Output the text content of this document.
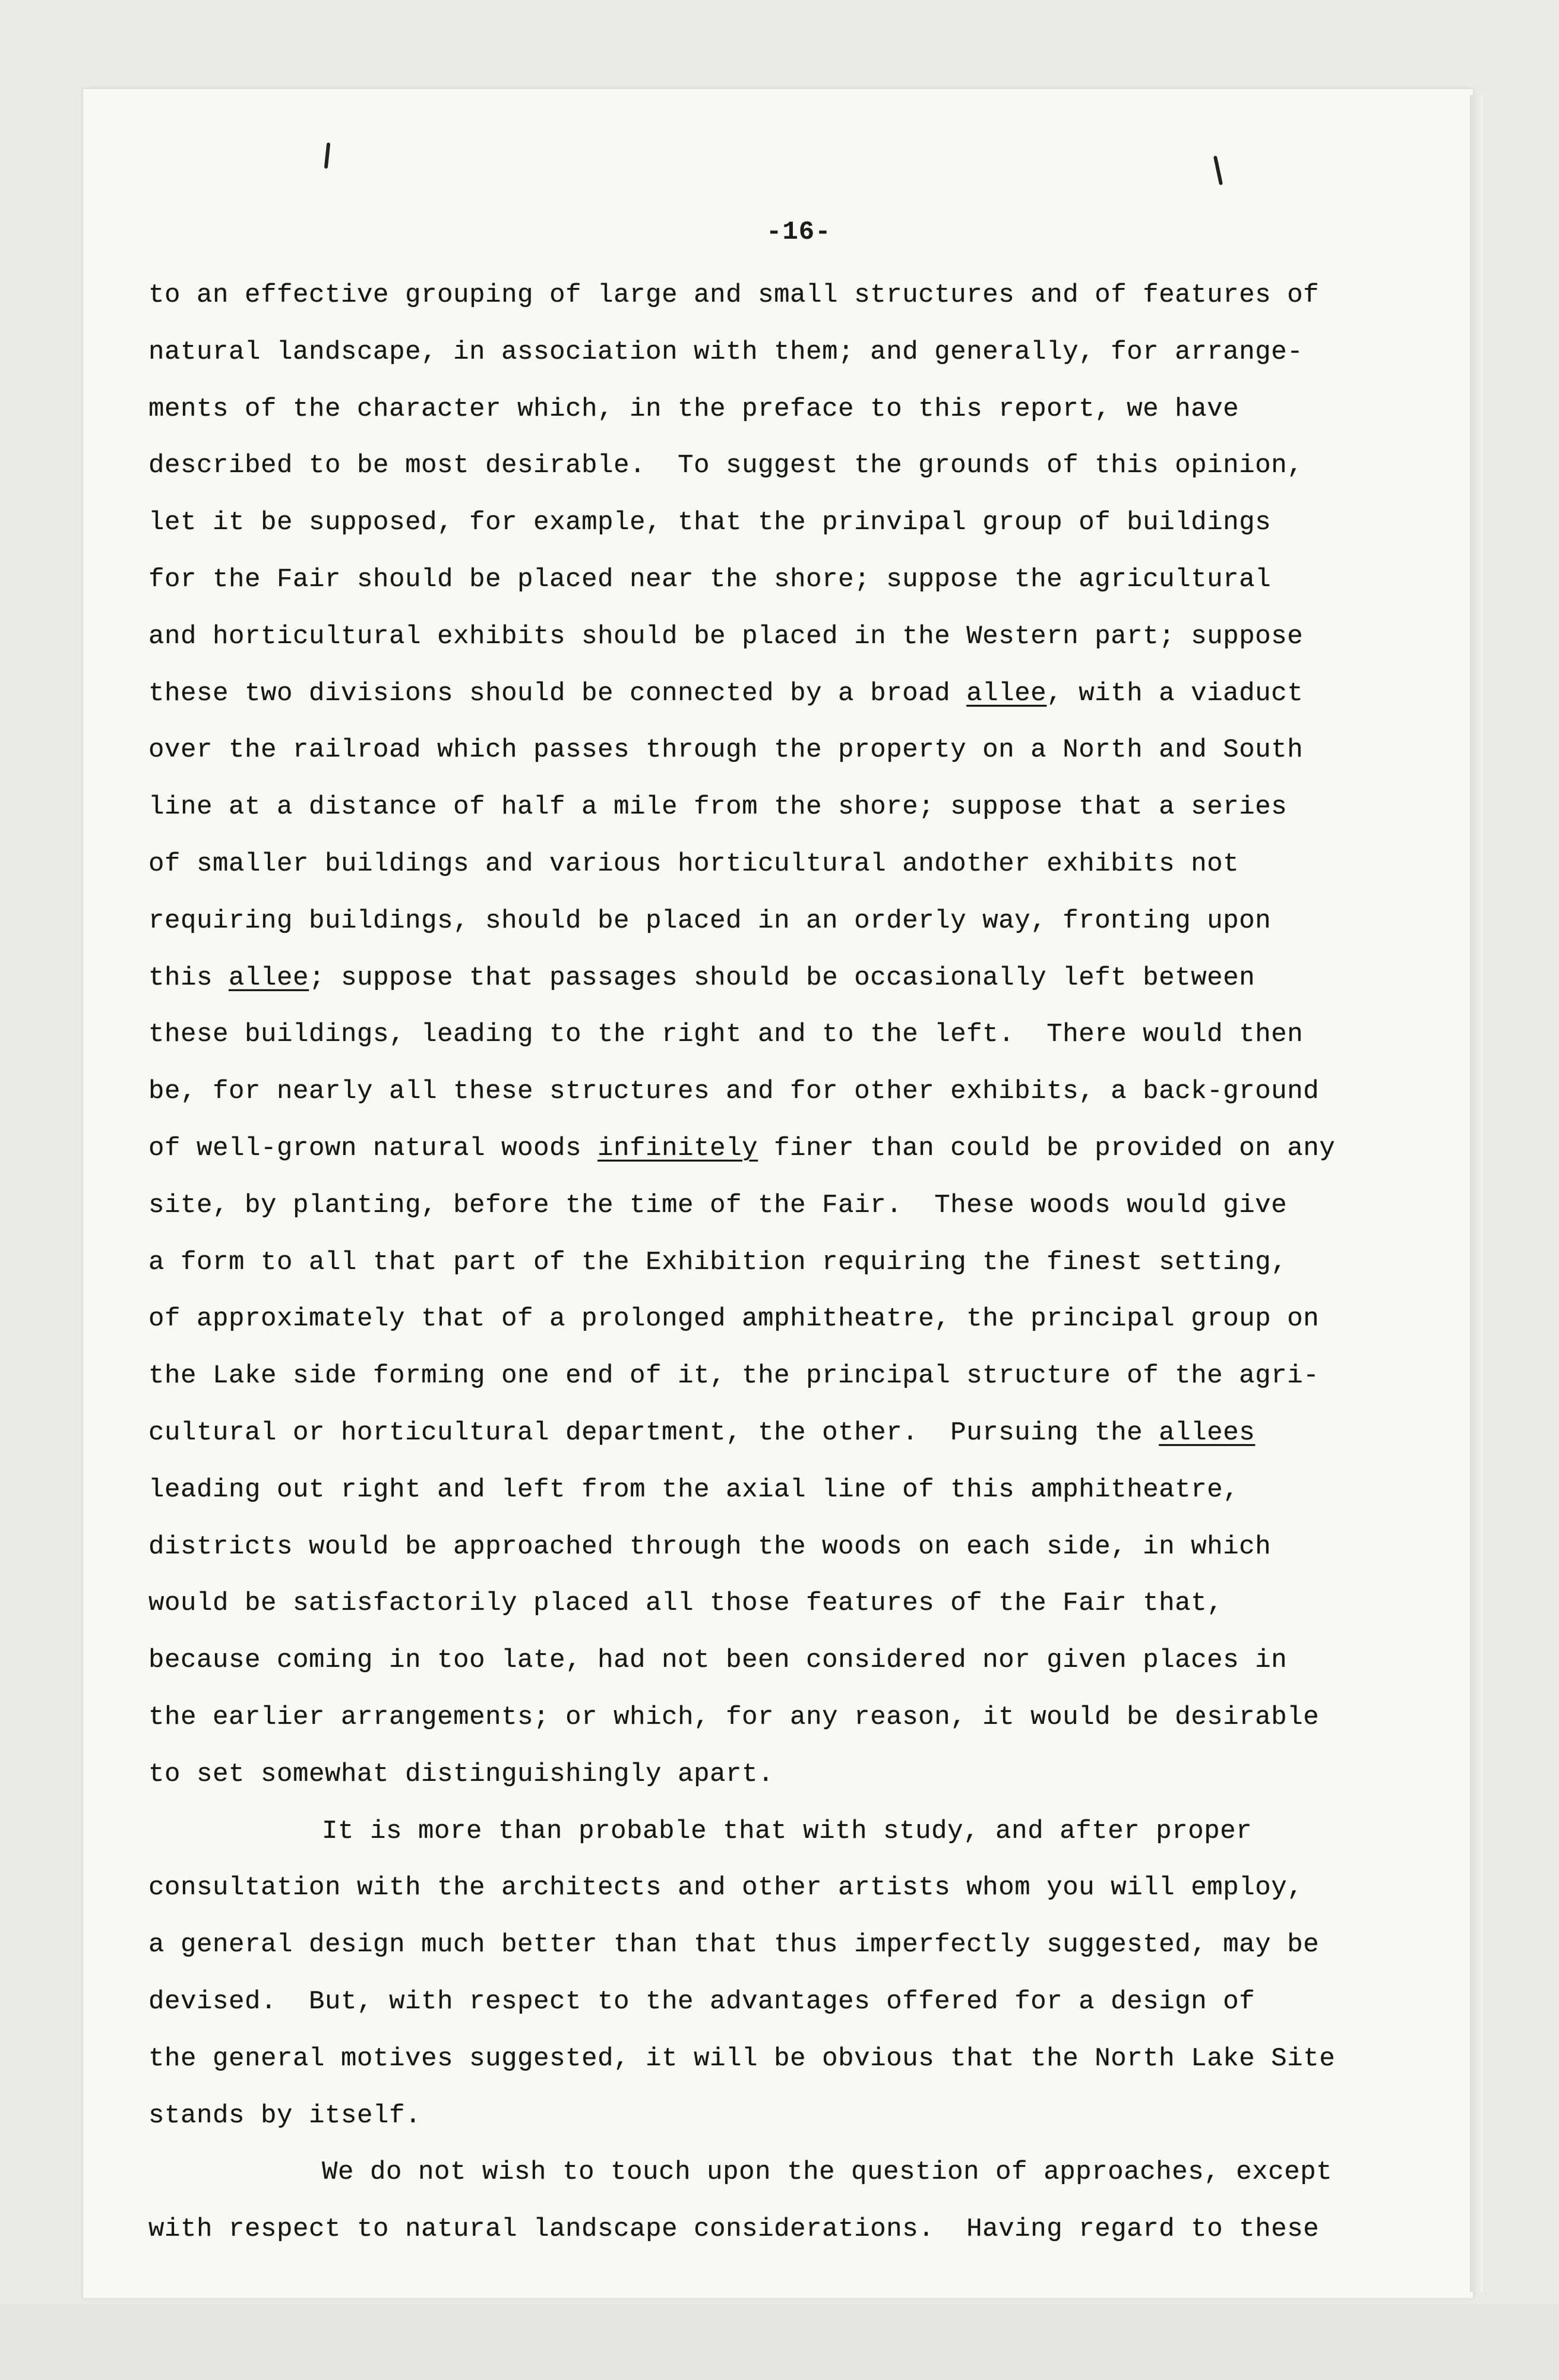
-16-
to an effective grouping of large and small structures and of features of
natural landscape, in association with them; and generally, for arrange-
ments of the character which, in the preface to this report, we have
described to be most desirable.  To suggest the grounds of this opinion,
let it be supposed, for example, that the prinvipal group of buildings
for the Fair should be placed near the shore; suppose the agricultural
and horticultural exhibits should be placed in the Western part; suppose
these two divisions should be connected by a broad allee, with a viaduct
over the railroad which passes through the property on a North and South
line at a distance of half a mile from the shore; suppose that a series
of smaller buildings and various horticultural andother exhibits not
requiring buildings, should be placed in an orderly way, fronting upon
this allee; suppose that passages should be occasionally left between
these buildings, leading to the right and to the left.  There would then
be, for nearly all these structures and for other exhibits, a back-ground
of well-grown natural woods infinitely finer than could be provided on any
site, by planting, before the time of the Fair.  These woods would give
a form to all that part of the Exhibition requiring the finest setting,
of approximately that of a prolonged amphitheatre, the principal group on
the Lake side forming one end of it, the principal structure of the agri-
cultural or horticultural department, the other.  Pursuing the allees
leading out right and left from the axial line of this amphitheatre,
districts would be approached through the woods on each side, in which
would be satisfactorily placed all those features of the Fair that,
because coming in too late, had not been considered nor given places in
the earlier arrangements; or which, for any reason, it would be desirable
to set somewhat distinguishingly apart.
It is more than probable that with study, and after proper
consultation with the architects and other artists whom you will employ,
a general design much better than that thus imperfectly suggested, may be
devised.  But, with respect to the advantages offered for a design of
the general motives suggested, it will be obvious that the North Lake Site
stands by itself.
We do not wish to touch upon the question of approaches, except
with respect to natural landscape considerations.  Having regard to these
